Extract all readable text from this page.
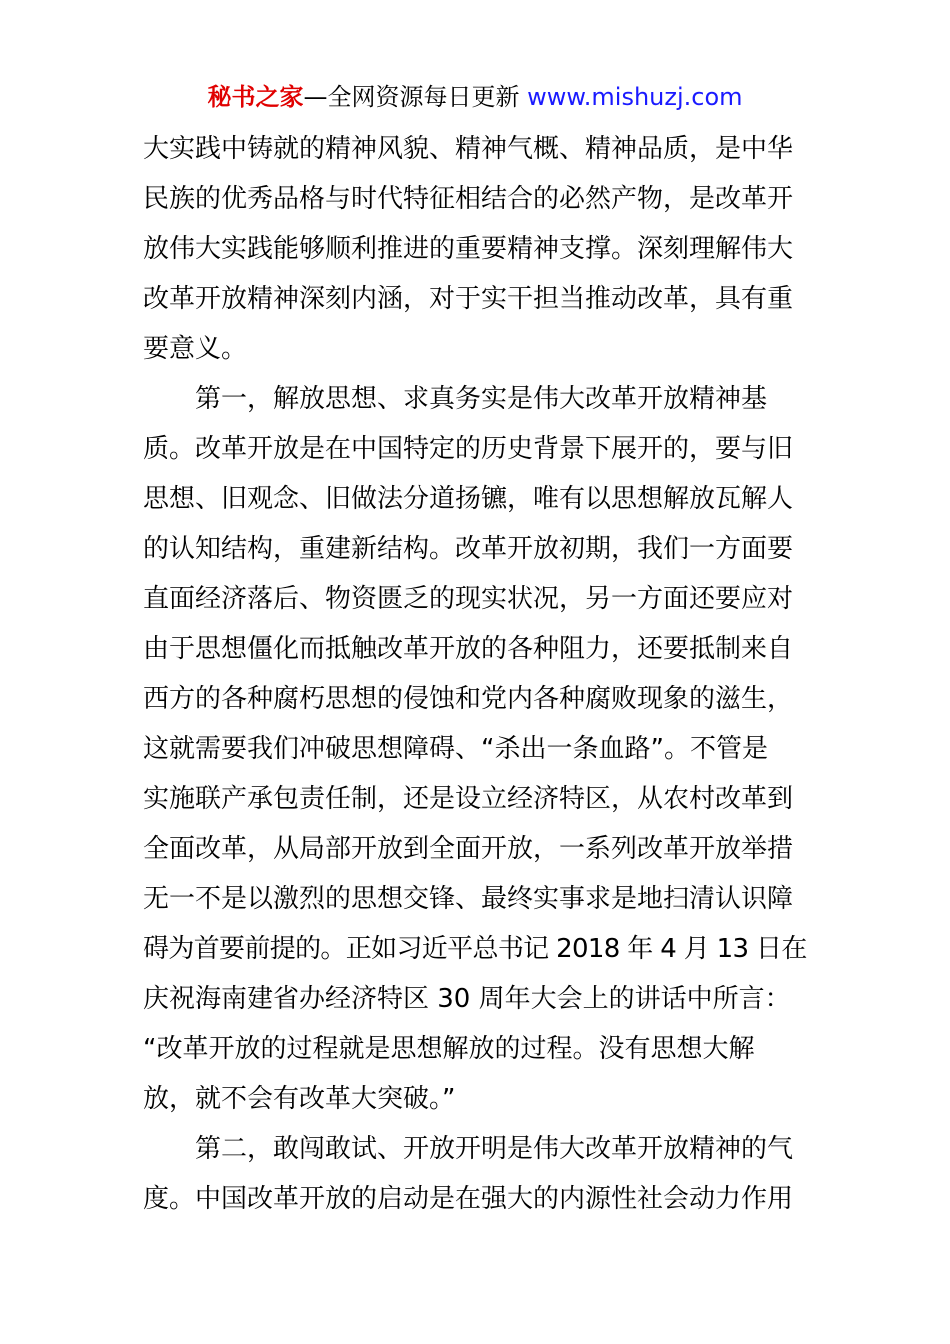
秘书之家—全网资源每日更新 www.mishuzj.com
大实践中铸就的精神风貌、精神气概、精神品质，是中华
民族的优秀品格与时代特征相结合的必然产物，是改革开
放伟大实践能够顺利推进的重要精神支撑。深刻理解伟大
改革开放精神深刻内涵，对于实干担当推动改革，具有重
要意义。
第一，解放思想、求真务实是伟大改革开放精神基
质。改革开放是在中国特定的历史背景下展开的，要与旧
思想、旧观念、旧做法分道扬镳，唯有以思想解放瓦解人
的认知结构，重建新结构。改革开放初期，我们一方面要
直面经济落后、物资匮乏的现实状况，另一方面还要应对
由于思想僵化而抵触改革开放的各种阻力，还要抵制来自
西方的各种腐朽思想的侵蚀和党内各种腐败现象的滋生，
这就需要我们冲破思想障碍、“杀出一条血路”。不管是
实施联产承包责任制，还是设立经济特区，从农村改革到
全面改革，从局部开放到全面开放，一系列改革开放举措
无一不是以激烈的思想交锋、最终实事求是地扫清认识障
碍为首要前提的。正如习近平总书记 2018 年 4 月 13 日在
庆祝海南建省办经济特区 30 周年大会上的讲话中所言：
“改革开放的过程就是思想解放的过程。没有思想大解
放，就不会有改革大突破。”
第二，敢闯敢试、开放开明是伟大改革开放精神的气
度。中国改革开放的启动是在强大的内源性社会动力作用
